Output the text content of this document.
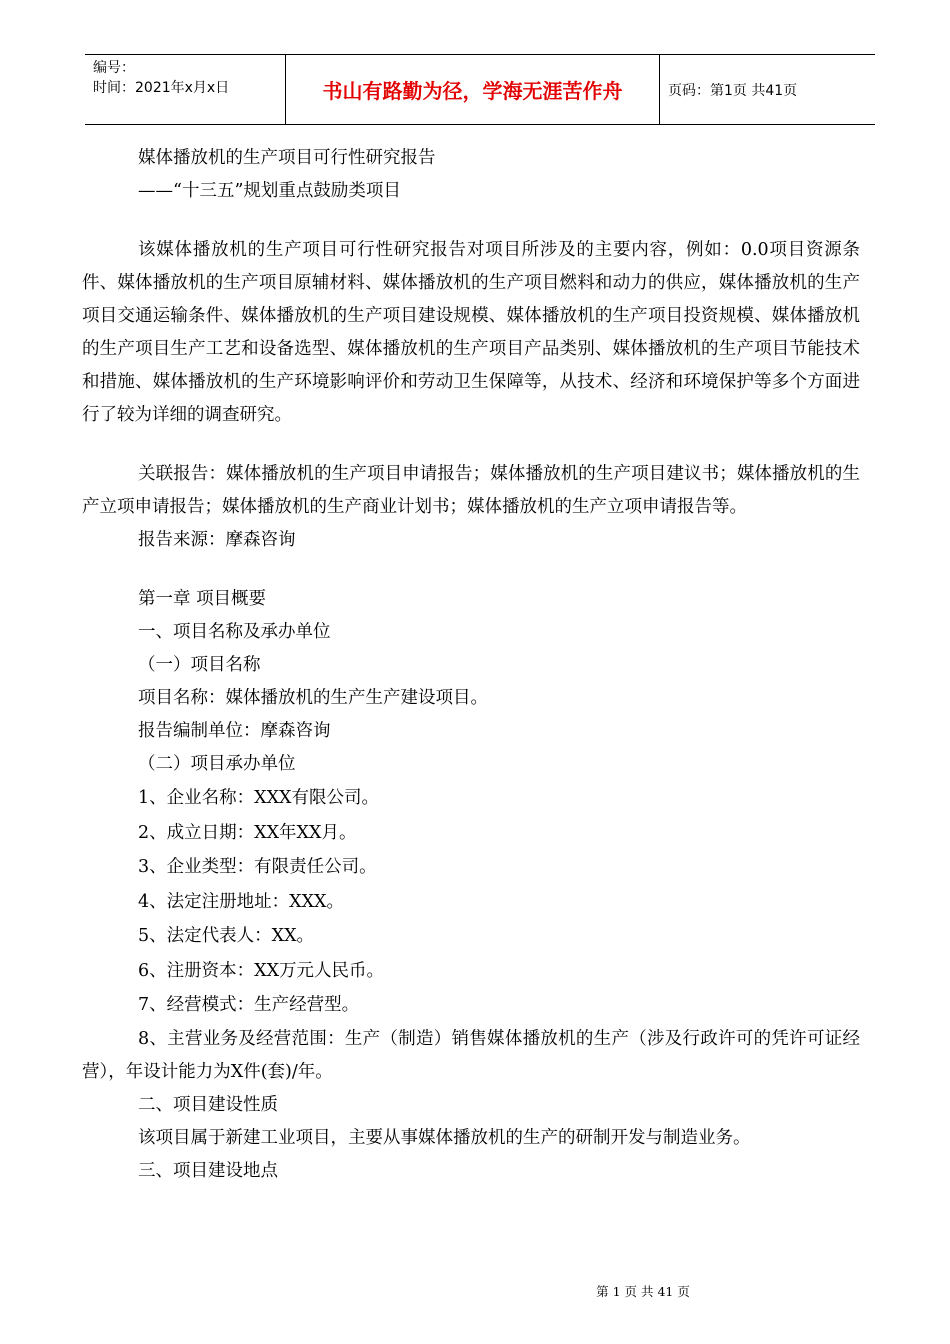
编号：
时间：2021年x月x日	书山有路勤为径，学海无涯苦作舟	页码：第1页 共41页

媒体播放机的生产项目可行性研究报告

——“十三五”规划重点鼓励类项目

该媒体播放机的生产项目可行性研究报告对项目所涉及的主要内容，例如：0.0项目资源条件、媒体播放机的生产项目原辅材料、媒体播放机的生产项目燃料和动力的供应，媒体播放机的生产项目交通运输条件、媒体播放机的生产项目建设规模、媒体播放机的生产项目投资规模、媒体播放机的生产项目生产工艺和设备选型、媒体播放机的生产项目产品类别、媒体播放机的生产项目节能技术和措施、媒体播放机的生产环境影响评价和劳动卫生保障等，从技术、经济和环境保护等多个方面进行了较为详细的调查研究。

关联报告：媒体播放机的生产项目申请报告；媒体播放机的生产项目建议书；媒体播放机的生产立项申请报告；媒体播放机的生产商业计划书；媒体播放机的生产立项申请报告等。

报告来源：摩森咨询

第一章 项目概要

一、项目名称及承办单位

（一）项目名称

项目名称：媒体播放机的生产生产建设项目。

报告编制单位：摩森咨询

（二）项目承办单位

1、企业名称：XXX有限公司。

2、成立日期：XX年XX月。

3、企业类型：有限责任公司。

4、法定注册地址：XXX。

5、法定代表人：XX。

6、注册资本：XX万元人民币。

7、经营模式：生产经营型。

8、主营业务及经营范围：生产（制造）销售媒体播放机的生产（涉及行政许可的凭许可证经营），年设计能力为X件(套)/年。

二、项目建设性质

该项目属于新建工业项目，主要从事媒体播放机的生产的研制开发与制造业务。

三、项目建设地点

第 1 页 共 41 页
